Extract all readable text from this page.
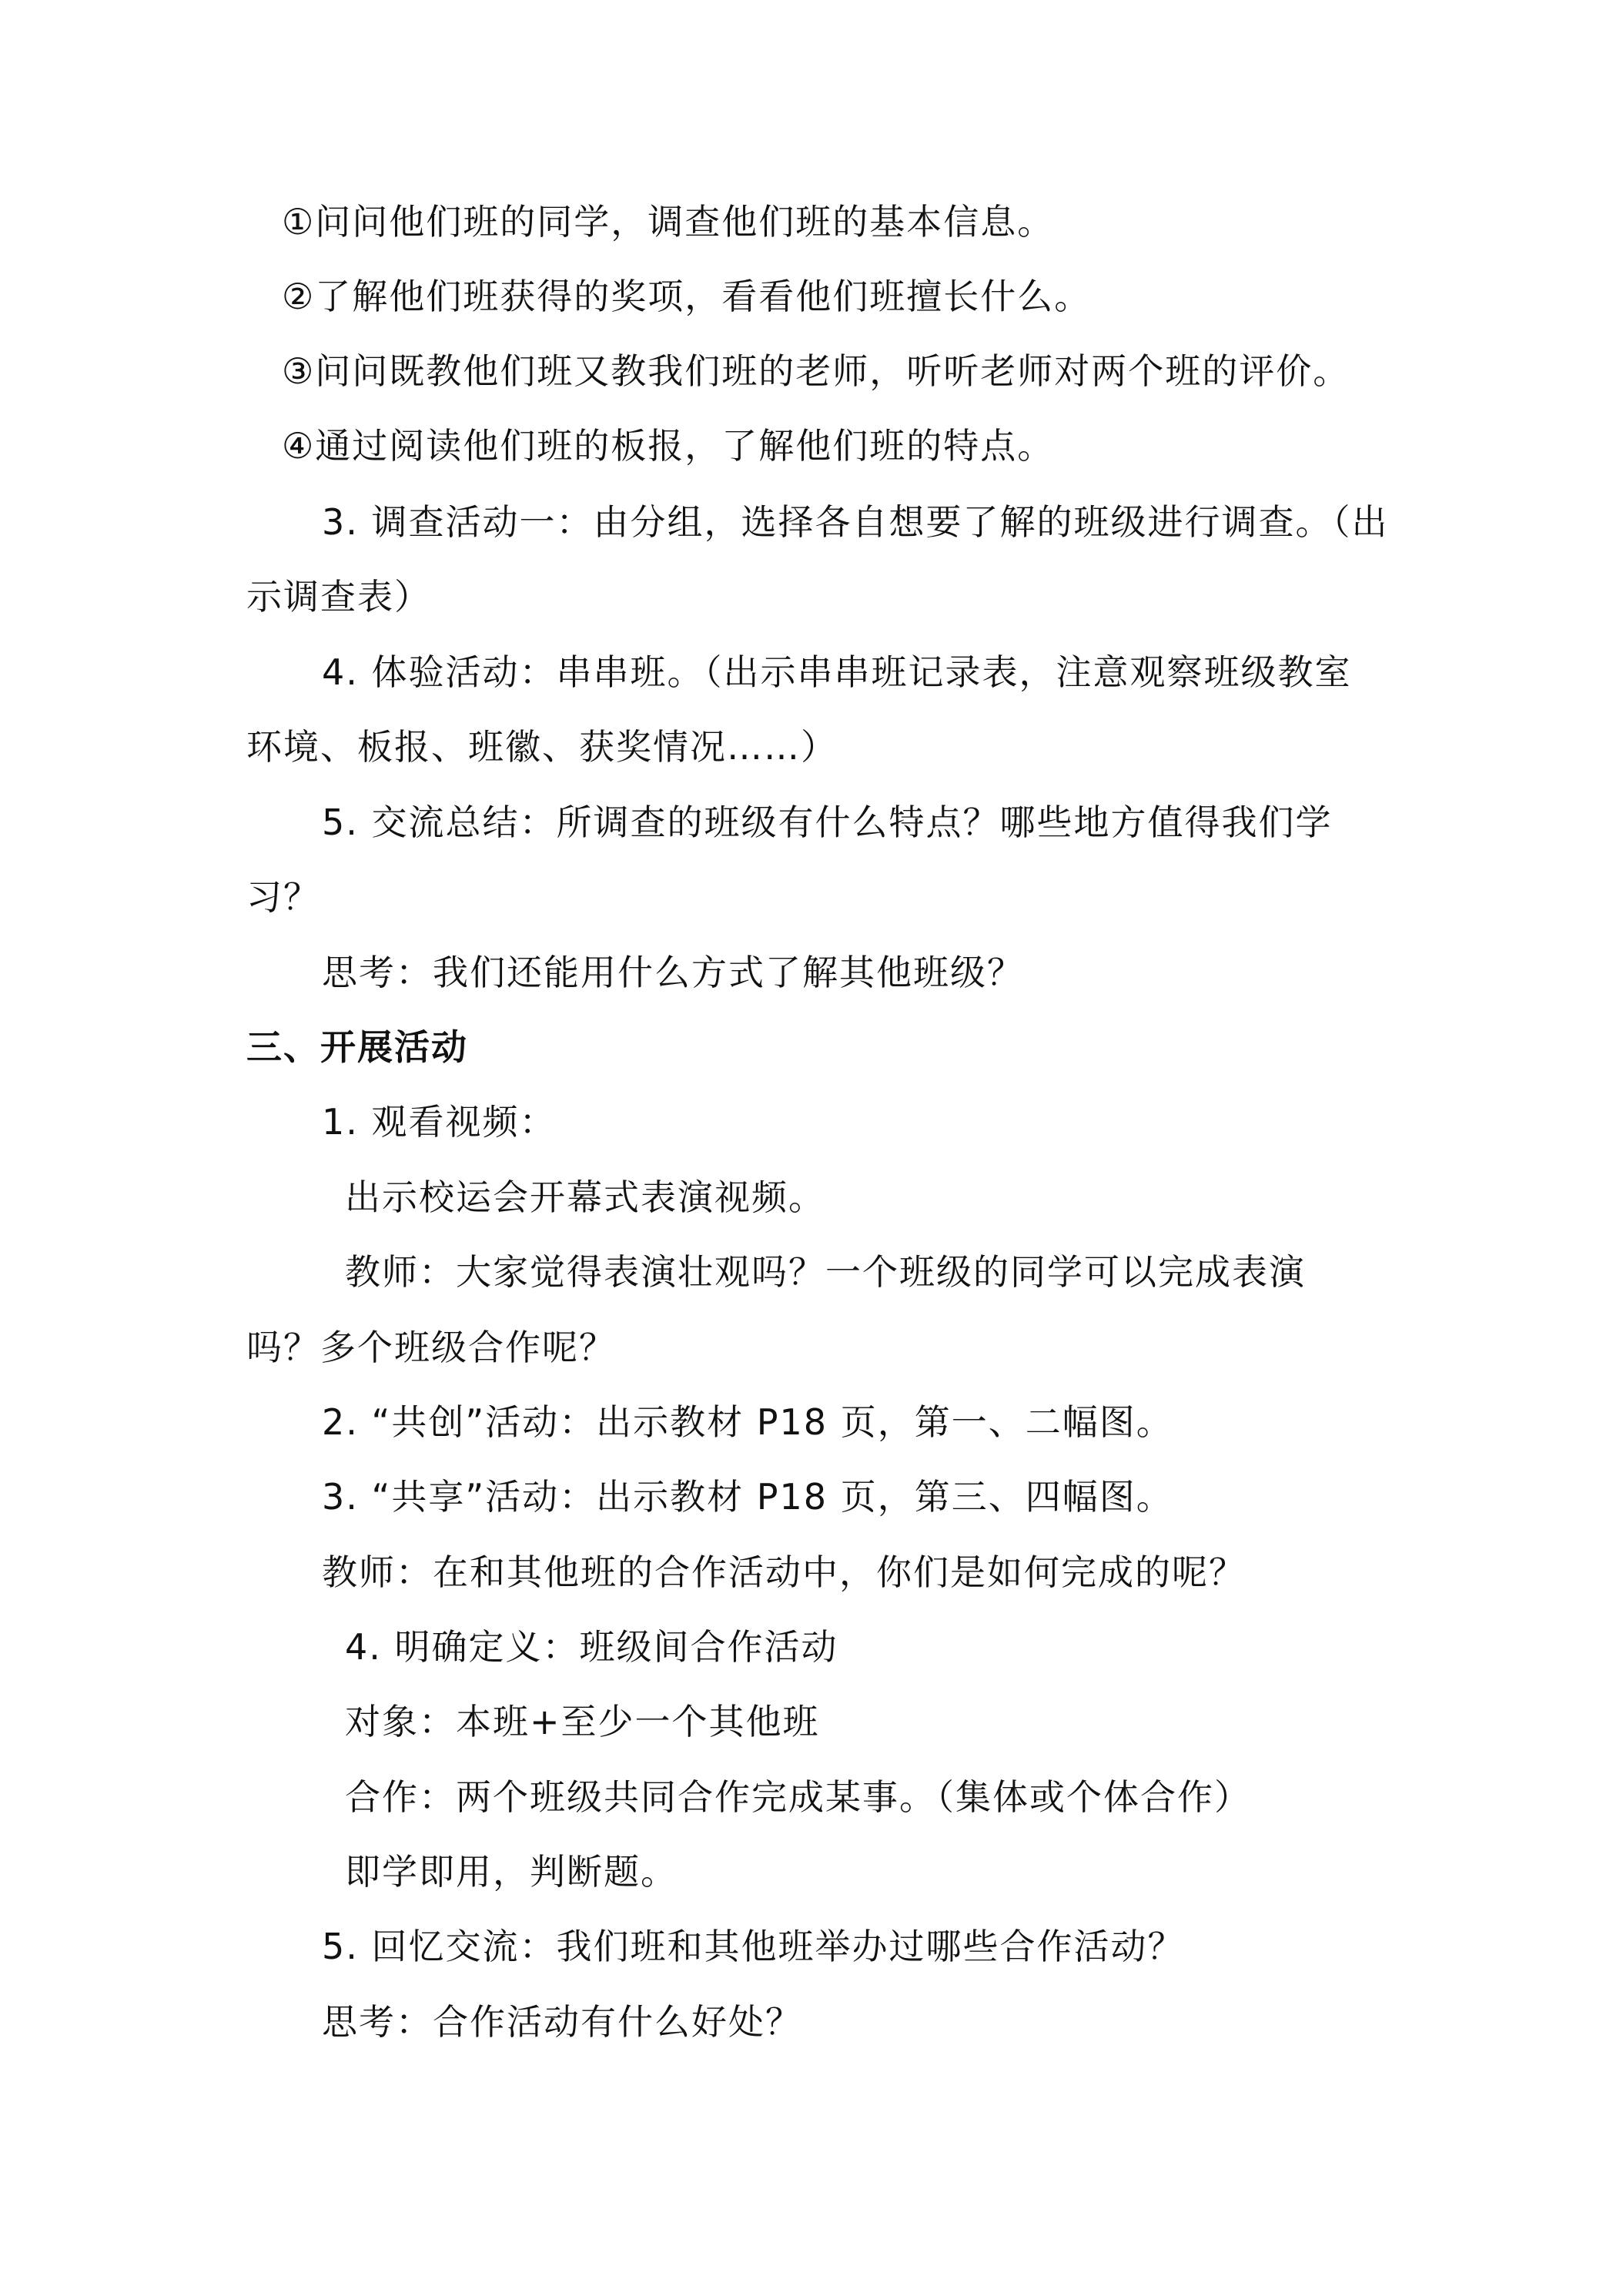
①问问他们班的同学，调查他们班的基本信息。
②了解他们班获得的奖项，看看他们班擅长什么。
③问问既教他们班又教我们班的老师，听听老师对两个班的评价。
④通过阅读他们班的板报，了解他们班的特点。
3. 调查活动一：由分组，选择各自想要了解的班级进行调查。（出
示调查表）
4. 体验活动：串串班。（出示串串班记录表，注意观察班级教室
环境、板报、班徽、获奖情况……）
5. 交流总结：所调查的班级有什么特点？哪些地方值得我们学
习？
思考：我们还能用什么方式了解其他班级？
三、开展活动
1. 观看视频：
出示校运会开幕式表演视频。
教师：大家觉得表演壮观吗？一个班级的同学可以完成表演
吗？多个班级合作呢？
2. “共创”活动：出示教材 P18 页，第一、二幅图。
3. “共享”活动：出示教材 P18 页，第三、四幅图。
教师：在和其他班的合作活动中，你们是如何完成的呢？
4. 明确定义：班级间合作活动
对象：本班+至少一个其他班
合作：两个班级共同合作完成某事。（集体或个体合作）
即学即用，判断题。
5. 回忆交流：我们班和其他班举办过哪些合作活动？
思考：合作活动有什么好处？
